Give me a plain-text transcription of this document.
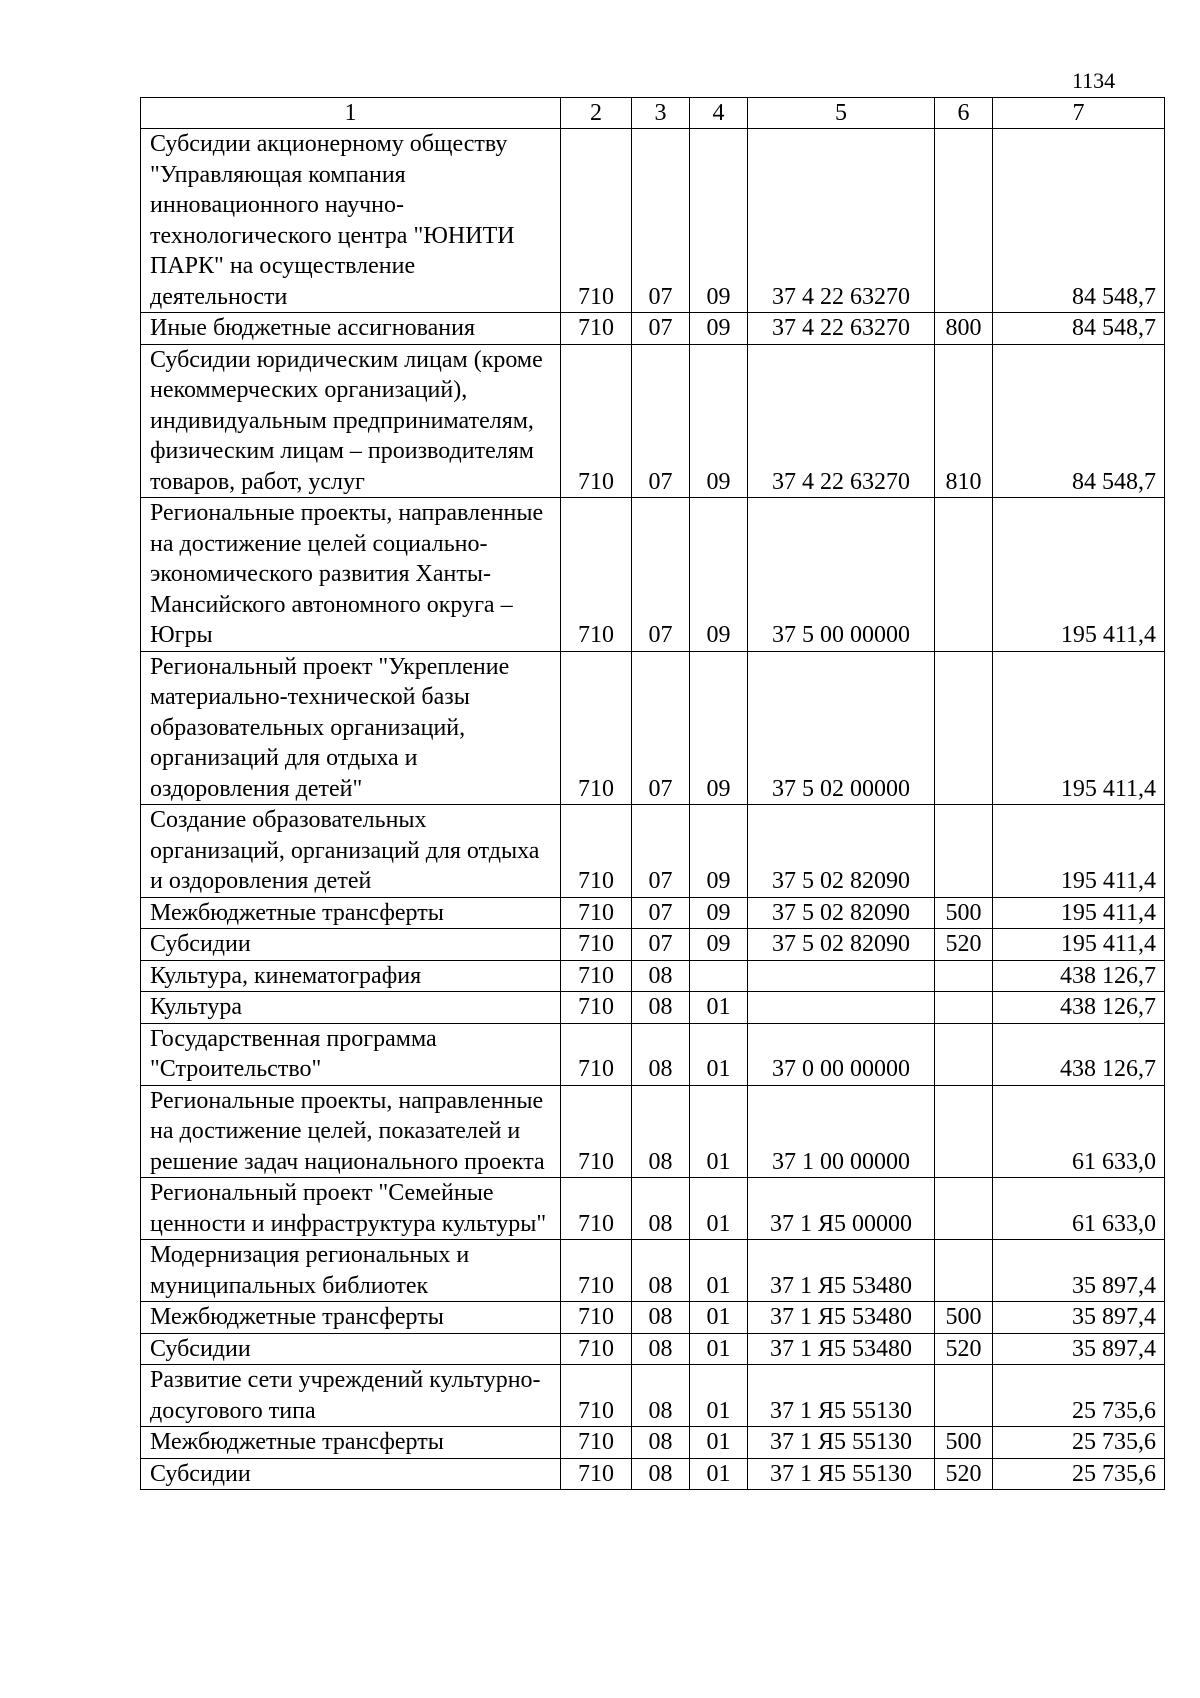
1134
1	2	3	4	5	6	7
Субсидии акционерному обществу "Управляющая компания инновационного научно-технологического центра "ЮНИТИ ПАРК" на осуществление деятельности	710	07	09	37 4 22 63270		84 548,7
Иные бюджетные ассигнования	710	07	09	37 4 22 63270	800	84 548,7
Субсидии юридическим лицам (кроме некоммерческих организаций), индивидуальным предпринимателям, физическим лицам – производителям товаров, работ, услуг	710	07	09	37 4 22 63270	810	84 548,7
Региональные проекты, направленные на достижение целей социально-экономического развития Ханты-Мансийского автономного округа – Югры	710	07	09	37 5 00 00000		195 411,4
Региональный проект "Укрепление материально-технической базы образовательных организаций, организаций для отдыха и оздоровления детей"	710	07	09	37 5 02 00000		195 411,4
Создание образовательных организаций, организаций для отдыха и оздоровления детей	710	07	09	37 5 02 82090		195 411,4
Межбюджетные трансферты	710	07	09	37 5 02 82090	500	195 411,4
Субсидии	710	07	09	37 5 02 82090	520	195 411,4
Культура, кинематография	710	08				438 126,7
Культура	710	08	01			438 126,7
Государственная программа "Строительство"	710	08	01	37 0 00 00000		438 126,7
Региональные проекты, направленные на достижение целей, показателей и решение задач национального проекта	710	08	01	37 1 00 00000		61 633,0
Региональный проект "Семейные ценности и инфраструктура культуры"	710	08	01	37 1 Я5 00000		61 633,0
Модернизация региональных и муниципальных библиотек	710	08	01	37 1 Я5 53480		35 897,4
Межбюджетные трансферты	710	08	01	37 1 Я5 53480	500	35 897,4
Субсидии	710	08	01	37 1 Я5 53480	520	35 897,4
Развитие сети учреждений культурно-досугового типа	710	08	01	37 1 Я5 55130		25 735,6
Межбюджетные трансферты	710	08	01	37 1 Я5 55130	500	25 735,6
Субсидии	710	08	01	37 1 Я5 55130	520	25 735,6
